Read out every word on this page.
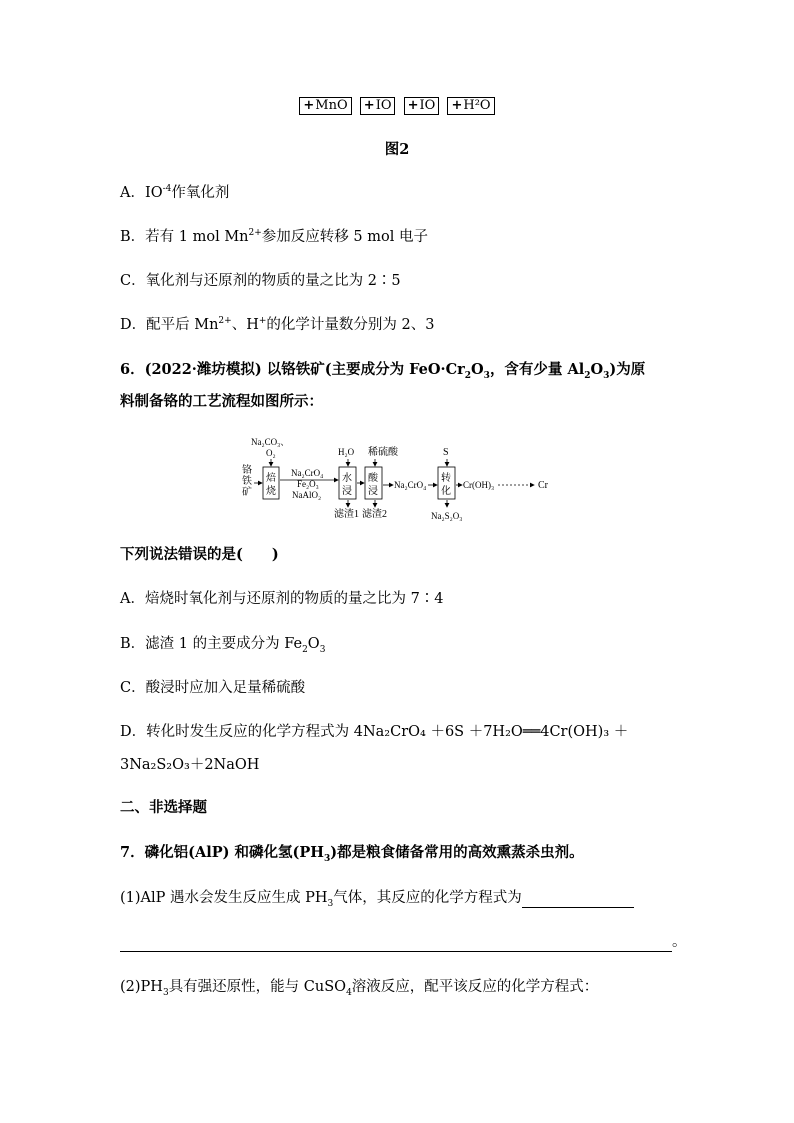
+MnO +IO +IO +H²O
图2
A．$IO^{-4}$作氧化剂
B．若有 1 mol $Mn^{2+}$参加反应转移 5 mol 电子
C．氧化剂与还原剂的物质的量之比为 2∶5
D．配平后 $Mn^{2+}$、H+的化学计量数分别为 2、3
6．(2022·潍坊模拟) 以铬铁矿(主要成分为 $FeO\cdot Cr_2O_3$，含有少量 $Al_2O_3$)为原
料制备铬的工艺流程如图所示：
铬
铁
矿
Na₂CO₃、
O₂
焙
烧
Na₂CrO₄
Fe₂O₃
NaAlO₂
H₂O
水
浸
滤渣1
稀硫酸
酸
浸
滤渣2
Na₂CrO₄
S
转
化
Na₂S₂O₃
Cr(OH)₃	Cr
下列说法错误的是(　　)
A．焙烧时氧化剂与还原剂的物质的量之比为 7∶4
B．滤渣 1 的主要成分为 $Fe_2O_3$
C．酸浸时应加入足量稀硫酸
D．转化时发生反应的化学方程式为 4Na₂CrO₄ ＋6S ＋7H₂O══4Cr(OH)₃ ＋
3Na₂S₂O₃＋2NaOH
二、非选择题
7．磷化铝(AlP) 和磷化氢$(PH_3)$都是粮食储备常用的高效熏蒸杀虫剂。
(1)AlP 遇水会发生反应生成 $PH_3$气体，其反应的化学方程式为
。
$(2)PH_3$具有强还原性，能与 CuSO$_4$溶液反应，配平该反应的化学方程式：
